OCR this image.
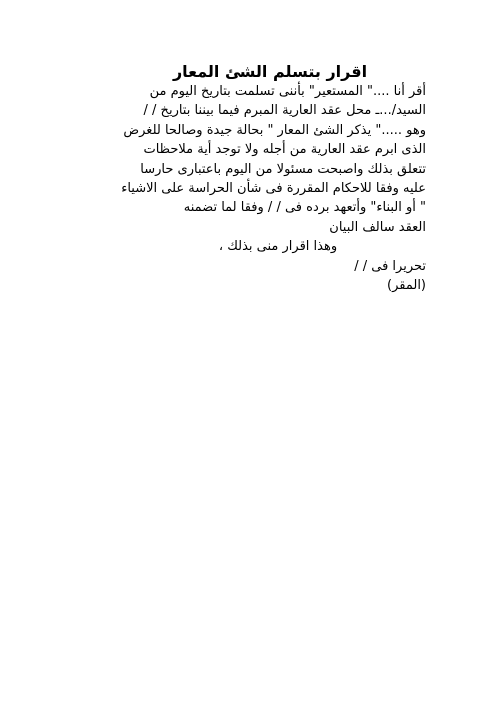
اقرار بتسلم الشئ المعار
أقر أنا ...." المستعير" بأننى تسلمت بتاريخ اليوم من
السيد/...ـ محل عقد العارية المبرم فيما بيننا بتاريخ / /
وهو ....." يذكر الشئ المعار " بحالة جيدة وصالحا للغرض
الذى ابرم عقد العارية من أجله ولا توجد أية ملاحظات
تتعلق بذلك واصبحت مسئولا من اليوم باعتبارى حارسا
عليه وفقا للاحكام المقررة فى شأن الحراسة على الاشياء
" أو البناء" وأتعهد برده فى / / وفقا لما تضمنه
العقد سالف البيان
وهذا اقرار منى بذلك ،
تحريرا فى / /
(المقر)
